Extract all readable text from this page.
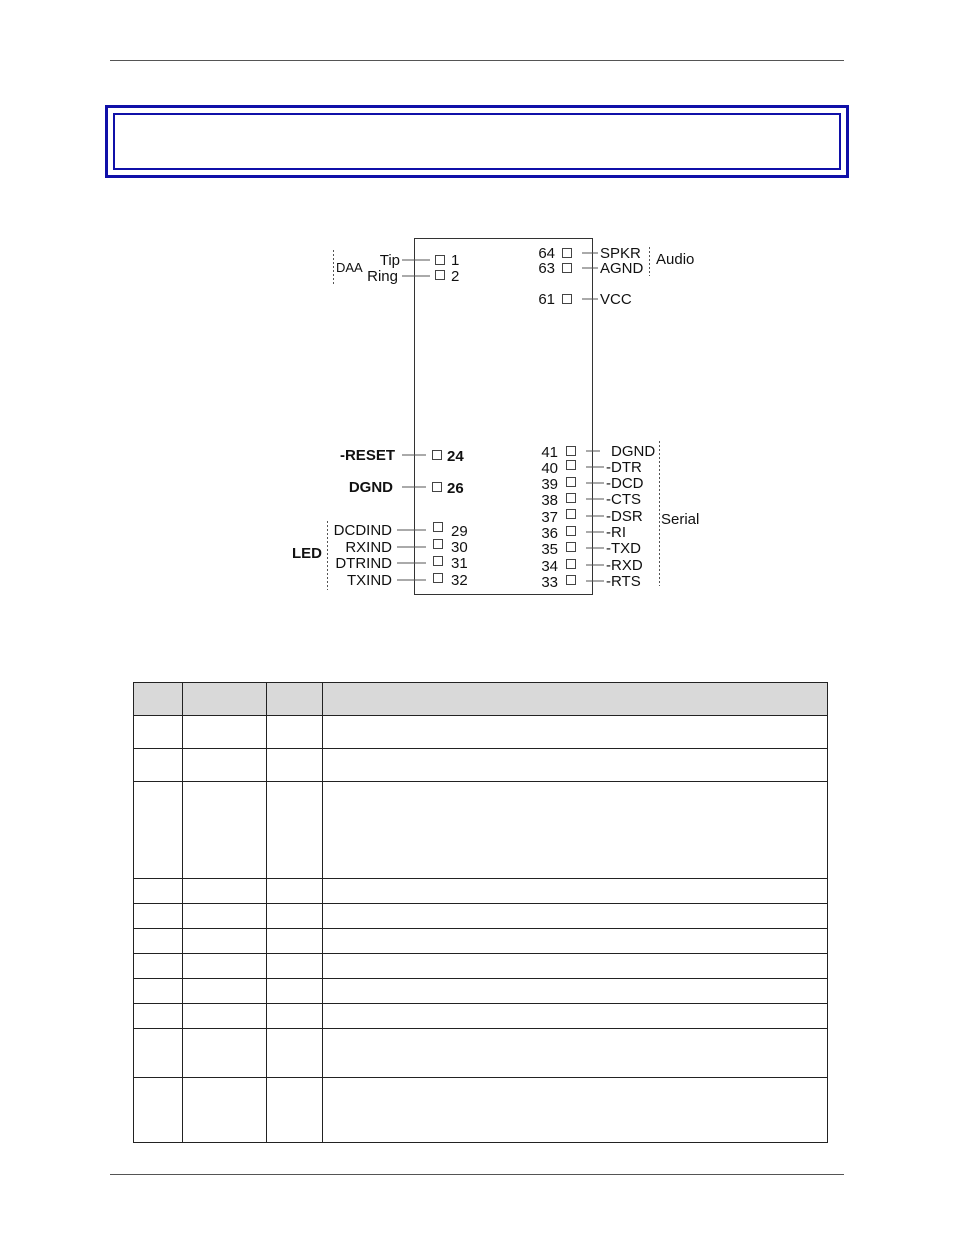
DAA Tip	1
Ring	2
-RESET	24
DGND	26
LED
DCDIND	29
RXIND	30
DTRIND	31
TXIND	32
64	SPKR
63	AGND
Audio
61	VCC
Serial
41	DGND
40	-DTR
39	-DCD
38	-CTS
37	-DSR
36	-RI
35	-TXD
34	-RXD
33	-RTS
